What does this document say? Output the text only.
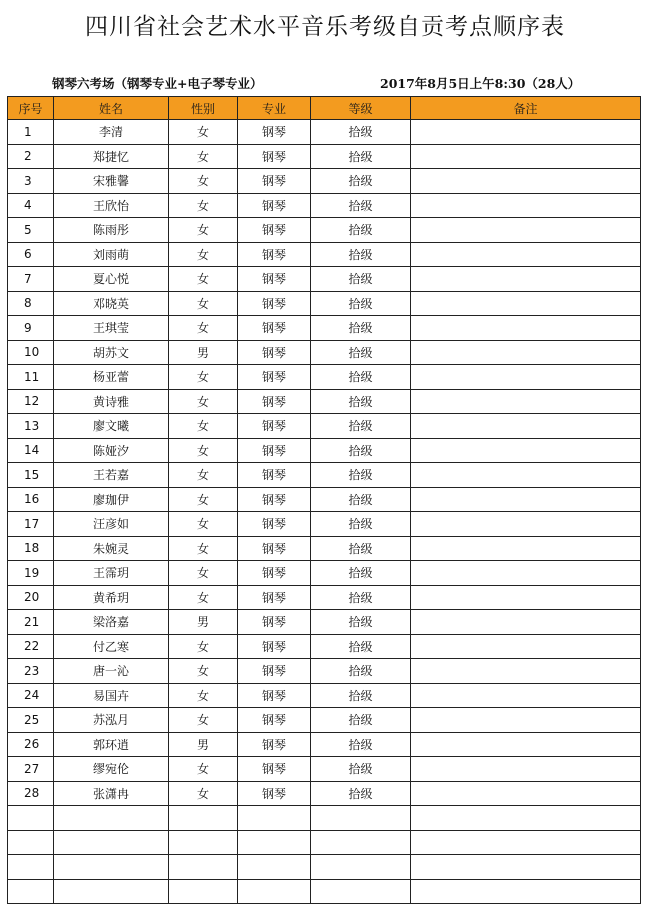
四川省社会艺术水平音乐考级自贡考点顺序表
钢琴六考场（钢琴专业+电子琴专业）	2017年8月5日上午8:30（28人）
序号	姓名	性别	专业	等级	备注
1	李清	女	钢琴	拾级	
2	郑捷忆	女	钢琴	拾级	
3	宋雅馨	女	钢琴	拾级	
4	王欣怡	女	钢琴	拾级	
5	陈雨彤	女	钢琴	拾级	
6	刘雨萌	女	钢琴	拾级	
7	夏心悦	女	钢琴	拾级	
8	邓晓英	女	钢琴	拾级	
9	王琪莹	女	钢琴	拾级	
10	胡苏文	男	钢琴	拾级	
11	杨亚蕾	女	钢琴	拾级	
12	黄诗雅	女	钢琴	拾级	
13	廖文曦	女	钢琴	拾级	
14	陈娅汐	女	钢琴	拾级	
15	王若嘉	女	钢琴	拾级	
16	廖珈伊	女	钢琴	拾级	
17	汪彦如	女	钢琴	拾级	
18	朱婉灵	女	钢琴	拾级	
19	王霈玥	女	钢琴	拾级	
20	黄希玥	女	钢琴	拾级	
21	梁洛嘉	男	钢琴	拾级	
22	付乙寒	女	钢琴	拾级	
23	唐一沁	女	钢琴	拾级	
24	易国卉	女	钢琴	拾级	
25	苏泓月	女	钢琴	拾级	
26	郭环逍	男	钢琴	拾级	
27	缪宛伦	女	钢琴	拾级	
28	张潇冉	女	钢琴	拾级	
